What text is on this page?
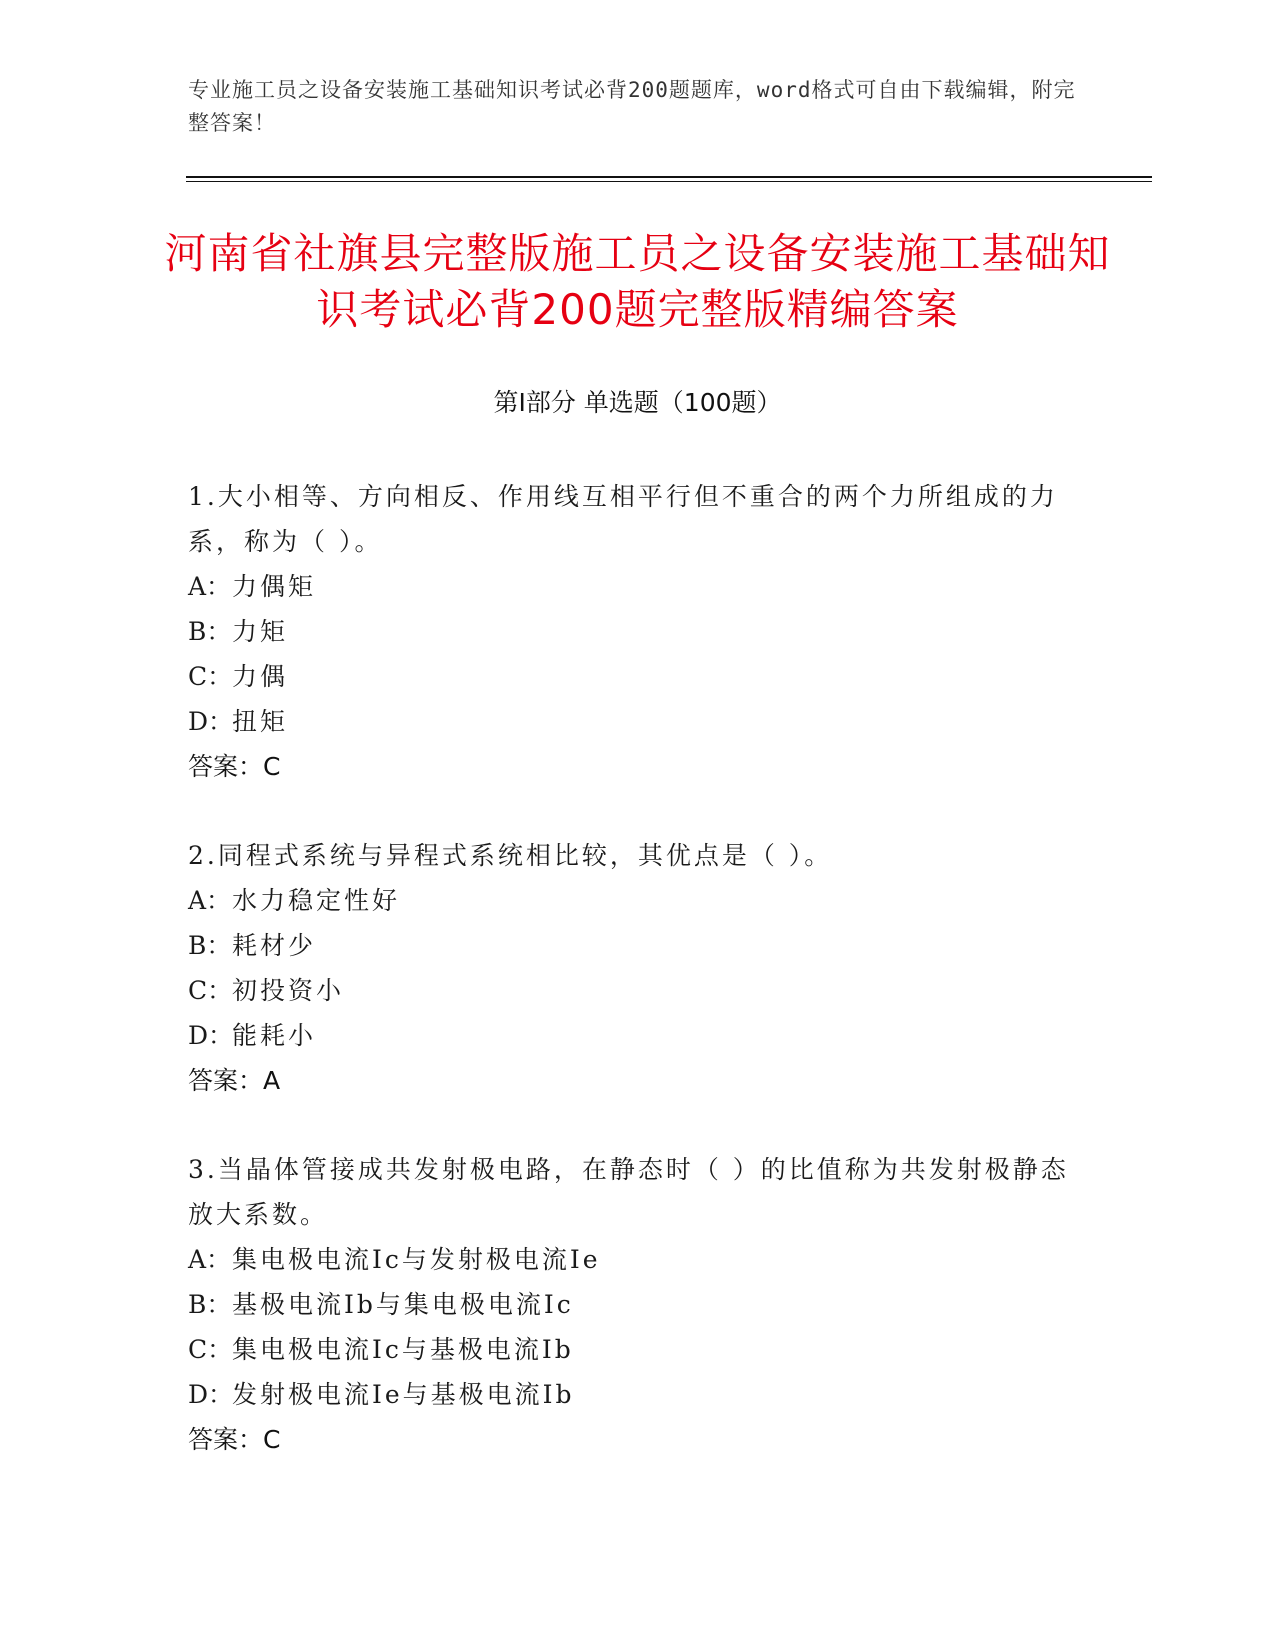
专业施工员之设备安装施工基础知识考试必背200题题库，word格式可自由下载编辑，附完整答案！
河南省社旗县完整版施工员之设备安装施工基础知识考试必背200题完整版精编答案
第Ⅰ部分 单选题（100题）
1.大小相等、方向相反、作用线互相平行但不重合的两个力所组成的力系，称为（ ）。
A：力偶矩
B：力矩
C：力偶
D：扭矩
答案：C
2.同程式系统与异程式系统相比较，其优点是（ ）。
A：水力稳定性好
B：耗材少
C：初投资小
D：能耗小
答案：A
3.当晶体管接成共发射极电路，在静态时（ ）的比值称为共发射极静态放大系数。
A：集电极电流Ic与发射极电流Ie
B：基极电流Ib与集电极电流Ic
C：集电极电流Ic与基极电流Ib
D：发射极电流Ie与基极电流Ib
答案：C
